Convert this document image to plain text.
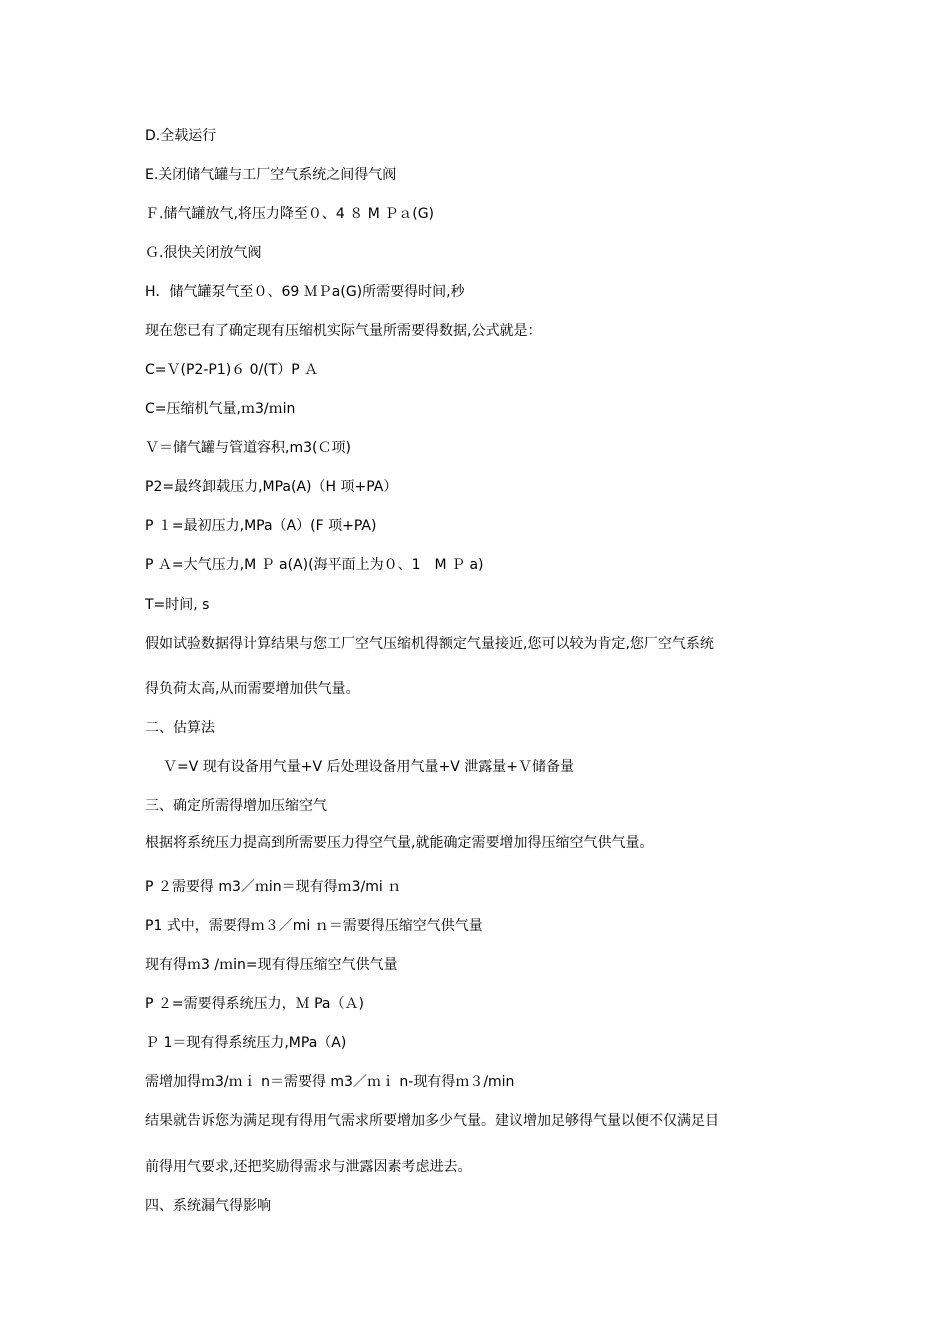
D.全载运行
E.关闭储气罐与工厂空气系统之间得气阀
Ｆ.储气罐放气,将压力降至０、4 ８ M Ｐａ(G)
Ｇ.很快关闭放气阀
H．储气罐泵气至０、69 ＭＰa(G)所需要得时间,秒
现在您已有了确定现有压缩机实际气量所需要得数据,公式就是：
C=Ｖ(P2-P1)６ 0/(T）P Ａ
C=压缩机气量,ｍ3/ｍin
Ｖ＝储气罐与管道容积,m3(Ｃ项)
P2=最终卸载压力,MPa(A)（H 项+PA）
P １=最初压力,MPa（A）(F 项+PA)
P Ａ=大气压力,M Ｐ a(A)(海平面上为０、1　M Ｐ a)
T=时间, s
假如试验数据得计算结果与您工厂空气压缩机得额定气量接近,您可以较为肯定,您厂空气系统
得负荷太高,从而需要增加供气量。
二、估算法
Ｖ=V 现有设备用气量+V 后处理设备用气量+V 泄露量+Ｖ储备量
三、确定所需得增加压缩空气
根据将系统压力提高到所需要压力得空气量,就能确定需要增加得压缩空气供气量。
P ２需要得 m3／ｍin＝现有得ｍ3/mi ｎ
P1 式中，需要得ｍ３／mi ｎ＝需要得压缩空气供气量
现有得ｍ3 /ｍin=现有得压缩空气供气量
P ２=需要得系统压力，Ｍ Pa（Ａ)
Ｐ 1＝现有得系统压力,MPa（A)
需增加得ｍ3/ｍｉ n＝需要得 m3／ｍｉ n-现有得ｍ３/min
结果就告诉您为满足现有得用气需求所要增加多少气量。建议增加足够得气量以便不仅满足目
前得用气要求,还把奖励得需求与泄露因素考虑进去。
四、系统漏气得影响
